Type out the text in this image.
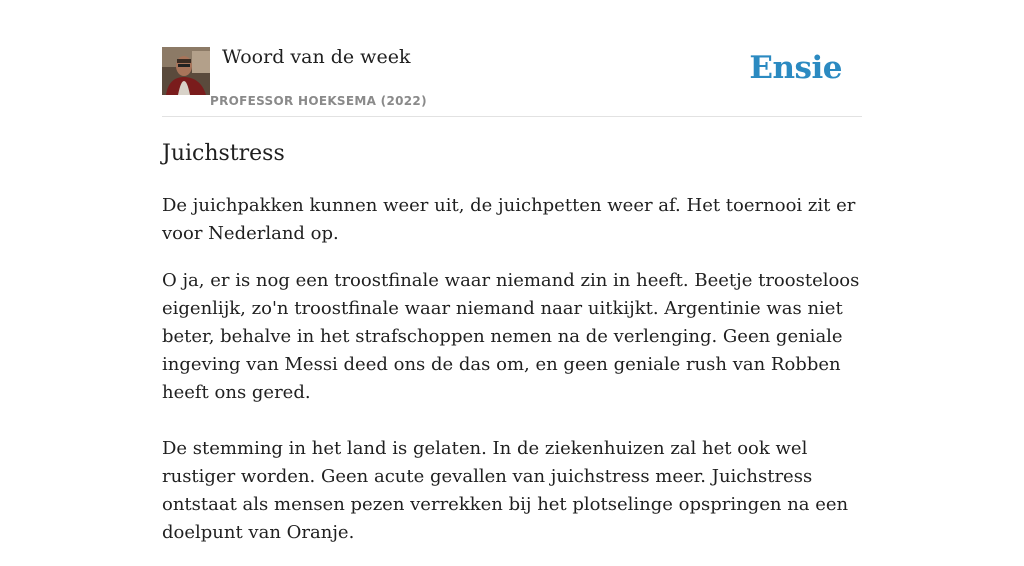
Woord van de week
PROFESSOR HOEKSEMA (2022)
Ensie
Juichstress

De juichpakken kunnen weer uit, de juichpetten weer af. Het toernooi zit er voor Nederland op.

O ja, er is nog een troostfinale waar niemand zin in heeft. Beetje troosteloos eigenlijk, zo'n troostfinale waar niemand naar uitkijkt. Argentinie was niet beter, behalve in het strafschoppen nemen na de verlenging. Geen geniale ingeving van Messi deed ons de das om, en geen geniale rush van Robben heeft ons gered.

De stemming in het land is gelaten. In de ziekenhuizen zal het ook wel rustiger worden. Geen acute gevallen van juichstress meer. Juichstress ontstaat als mensen pezen verrekken bij het plotselinge opspringen na een doelpunt van Oranje.
